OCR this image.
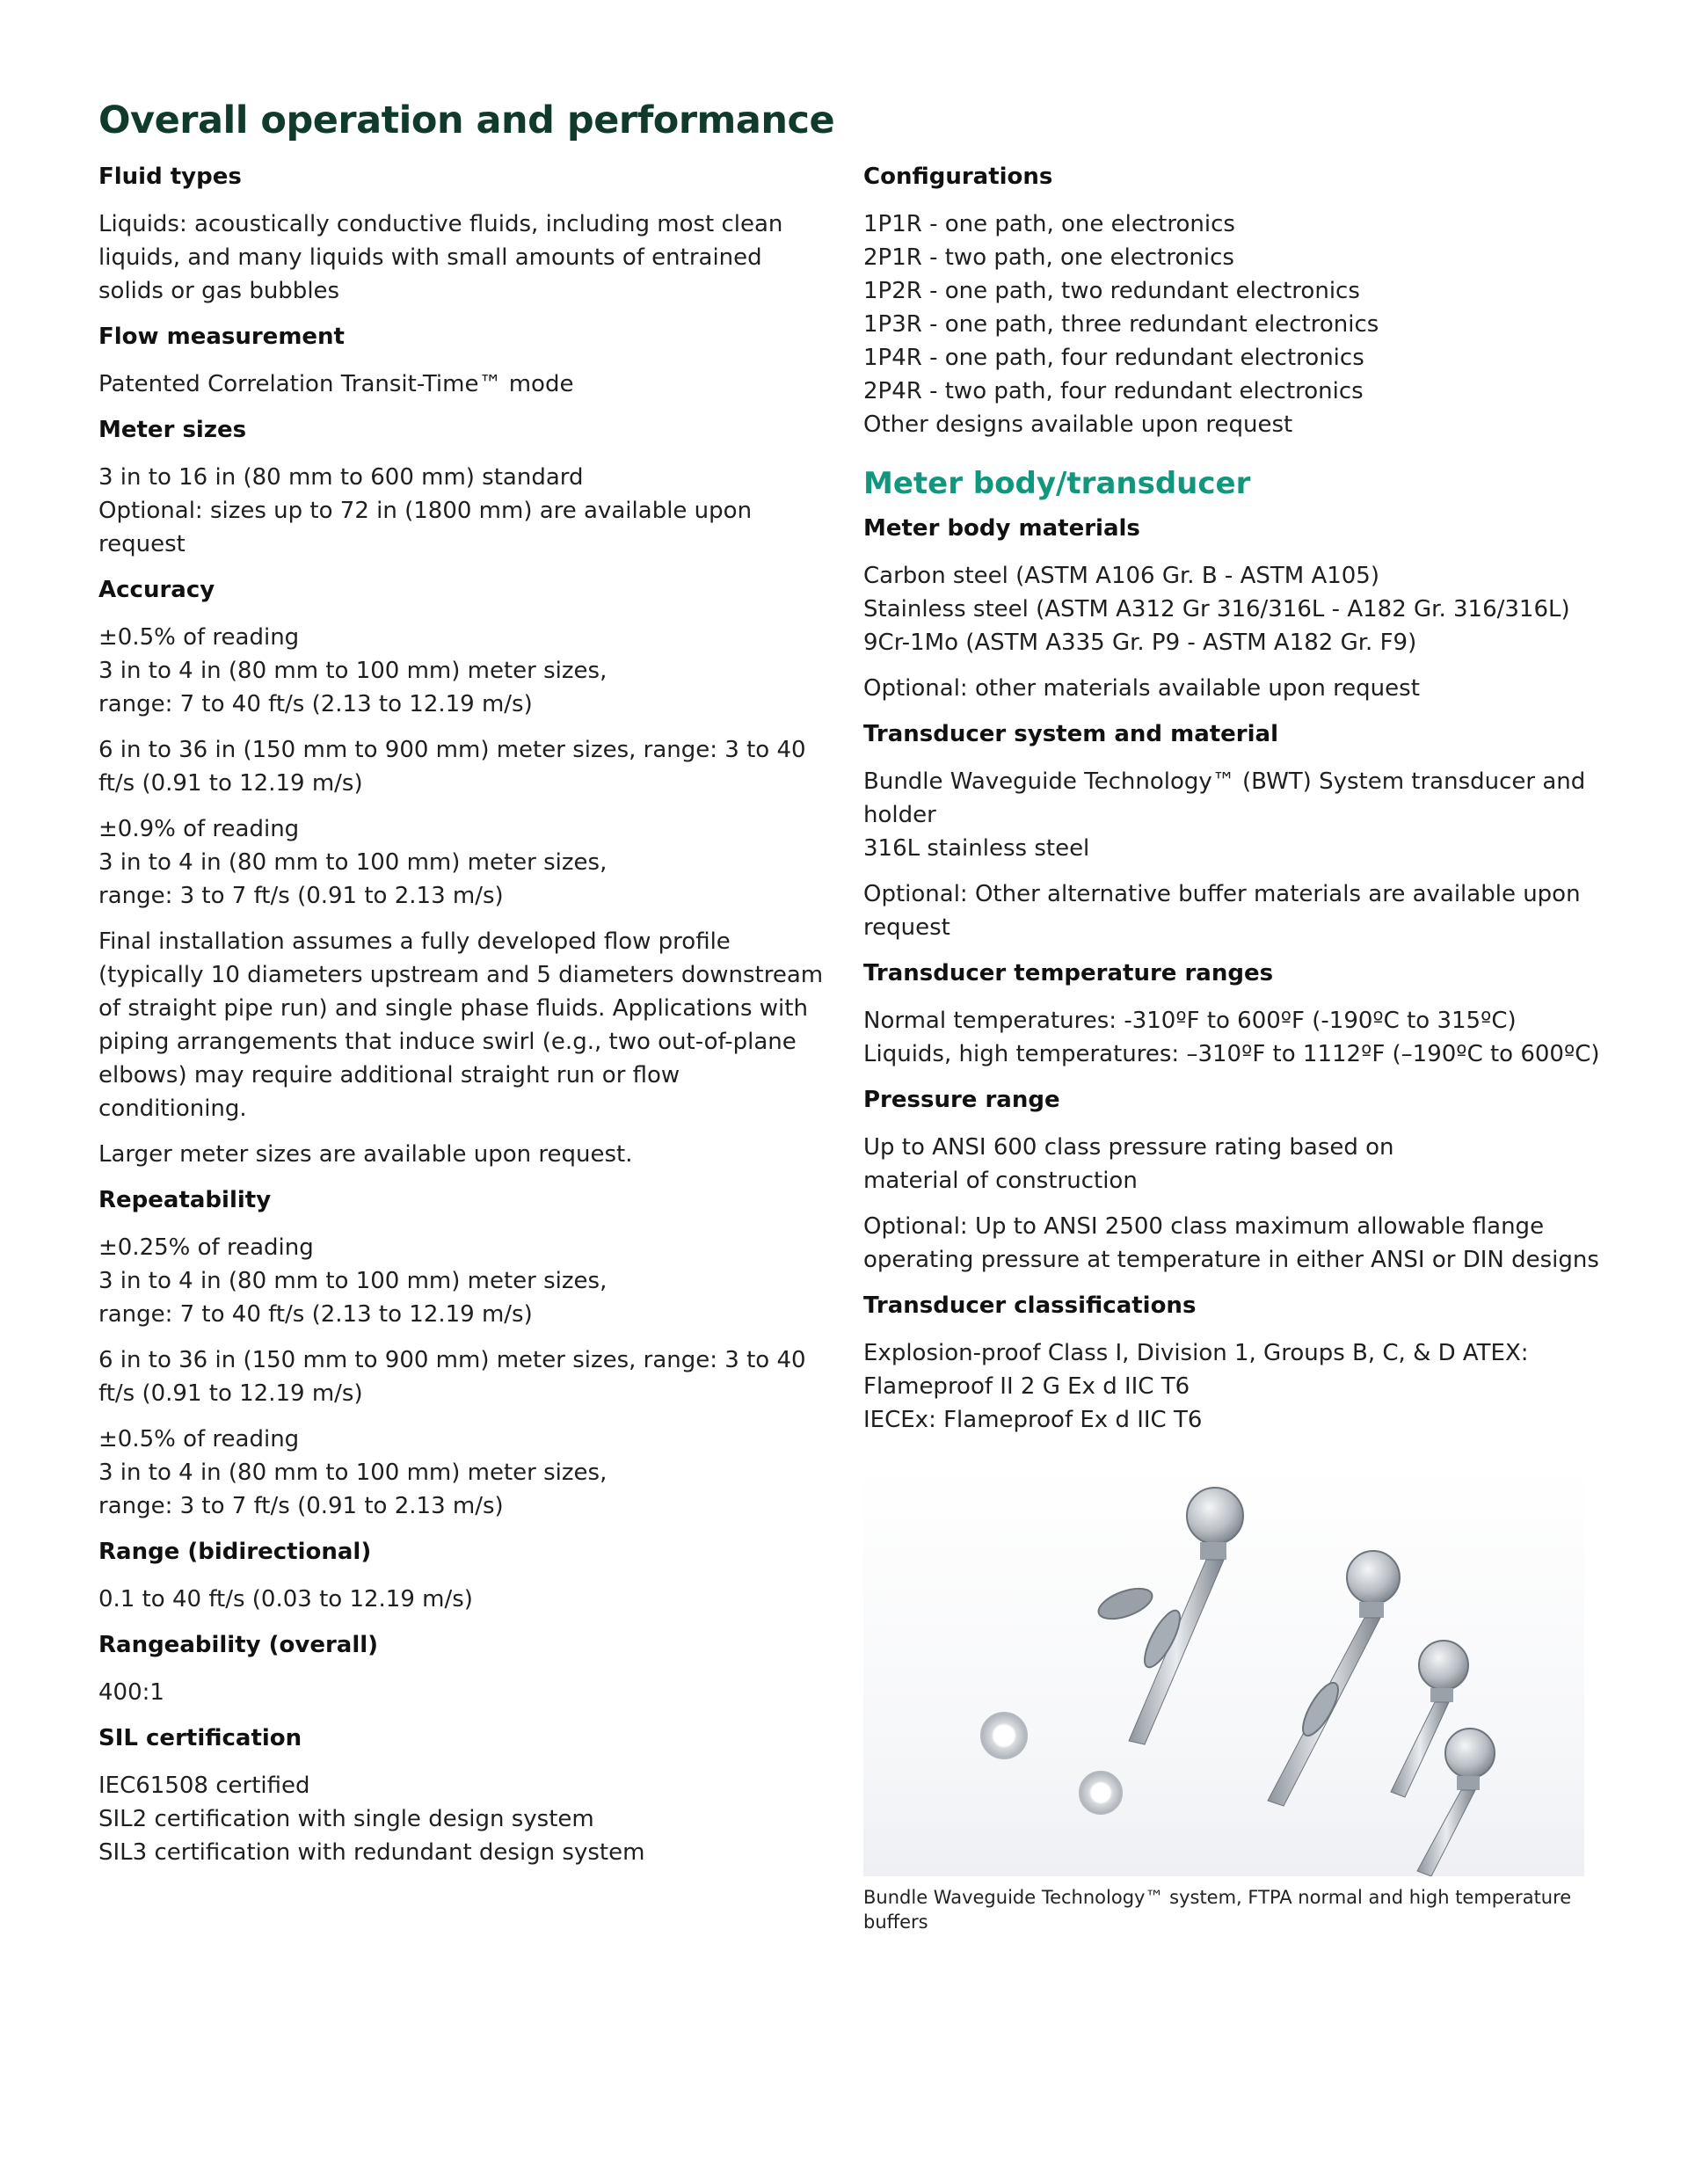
Overall operation and performance
Fluid types

Liquids: acoustically conductive fluids, including most clean liquids, and many liquids with small amounts of entrained solids or gas bubbles

Flow measurement

Patented Correlation Transit-Time™ mode

Meter sizes

3 in to 16 in (80 mm to 600 mm) standard
Optional: sizes up to 72 in (1800 mm) are available upon request

Accuracy

±0.5% of reading
3 in to 4 in (80 mm to 100 mm) meter sizes,
range: 7 to 40 ft/s (2.13 to 12.19 m/s)

6 in to 36 in (150 mm to 900 mm) meter sizes, range: 3 to 40 ft/s (0.91 to 12.19 m/s)

±0.9% of reading
3 in to 4 in (80 mm to 100 mm) meter sizes,
range: 3 to 7 ft/s (0.91 to 2.13 m/s)

Final installation assumes a fully developed flow profile (typically 10 diameters upstream and 5 diameters downstream of straight pipe run) and single phase fluids. Applications with piping arrangements that induce swirl (e.g., two out-of-plane elbows) may require additional straight run or flow conditioning.

Larger meter sizes are available upon request.

Repeatability

±0.25% of reading
3 in to 4 in (80 mm to 100 mm) meter sizes,
range: 7 to 40 ft/s (2.13 to 12.19 m/s)

6 in to 36 in (150 mm to 900 mm) meter sizes, range: 3 to 40 ft/s (0.91 to 12.19 m/s)

±0.5% of reading
3 in to 4 in (80 mm to 100 mm) meter sizes,
range: 3 to 7 ft/s (0.91 to 2.13 m/s)

Range (bidirectional)

0.1 to 40 ft/s (0.03 to 12.19 m/s)

Rangeability (overall)

400:1

SIL certification

IEC61508 certified
SIL2 certification with single design system
SIL3 certification with redundant design system

Configurations

1P1R - one path, one electronics
2P1R - two path, one electronics
1P2R - one path, two redundant electronics
1P3R - one path, three redundant electronics
1P4R - one path, four redundant electronics
2P4R - two path, four redundant electronics
Other designs available upon request

Meter body/transducer
Meter body materials

Carbon steel (ASTM A106 Gr. B - ASTM A105)
Stainless steel (ASTM A312 Gr 316/316L - A182 Gr. 316/316L)
9Cr-1Mo (ASTM A335 Gr. P9 - ASTM A182 Gr. F9)

Optional: other materials available upon request

Transducer system and material

Bundle Waveguide Technology™ (BWT) System transducer and holder
316L stainless steel

Optional: Other alternative buffer materials are available upon request

Transducer temperature ranges

Normal temperatures: -310ºF to 600ºF (-190ºC to 315ºC)
Liquids, high temperatures: –310ºF to 1112ºF (–190ºC to 600ºC)

Pressure range

Up to ANSI 600 class pressure rating based on
material of construction

Optional: Up to ANSI 2500 class maximum allowable flange operating pressure at temperature in either ANSI or DIN designs

Transducer classifications

Explosion-proof Class I, Division 1, Groups B, C, & D ATEX:
Flameproof II 2 G Ex d IIC T6
IECEx: Flameproof Ex d IIC T6

Bundle Waveguide Technology™ system, FTPA normal and high temperature buffers
